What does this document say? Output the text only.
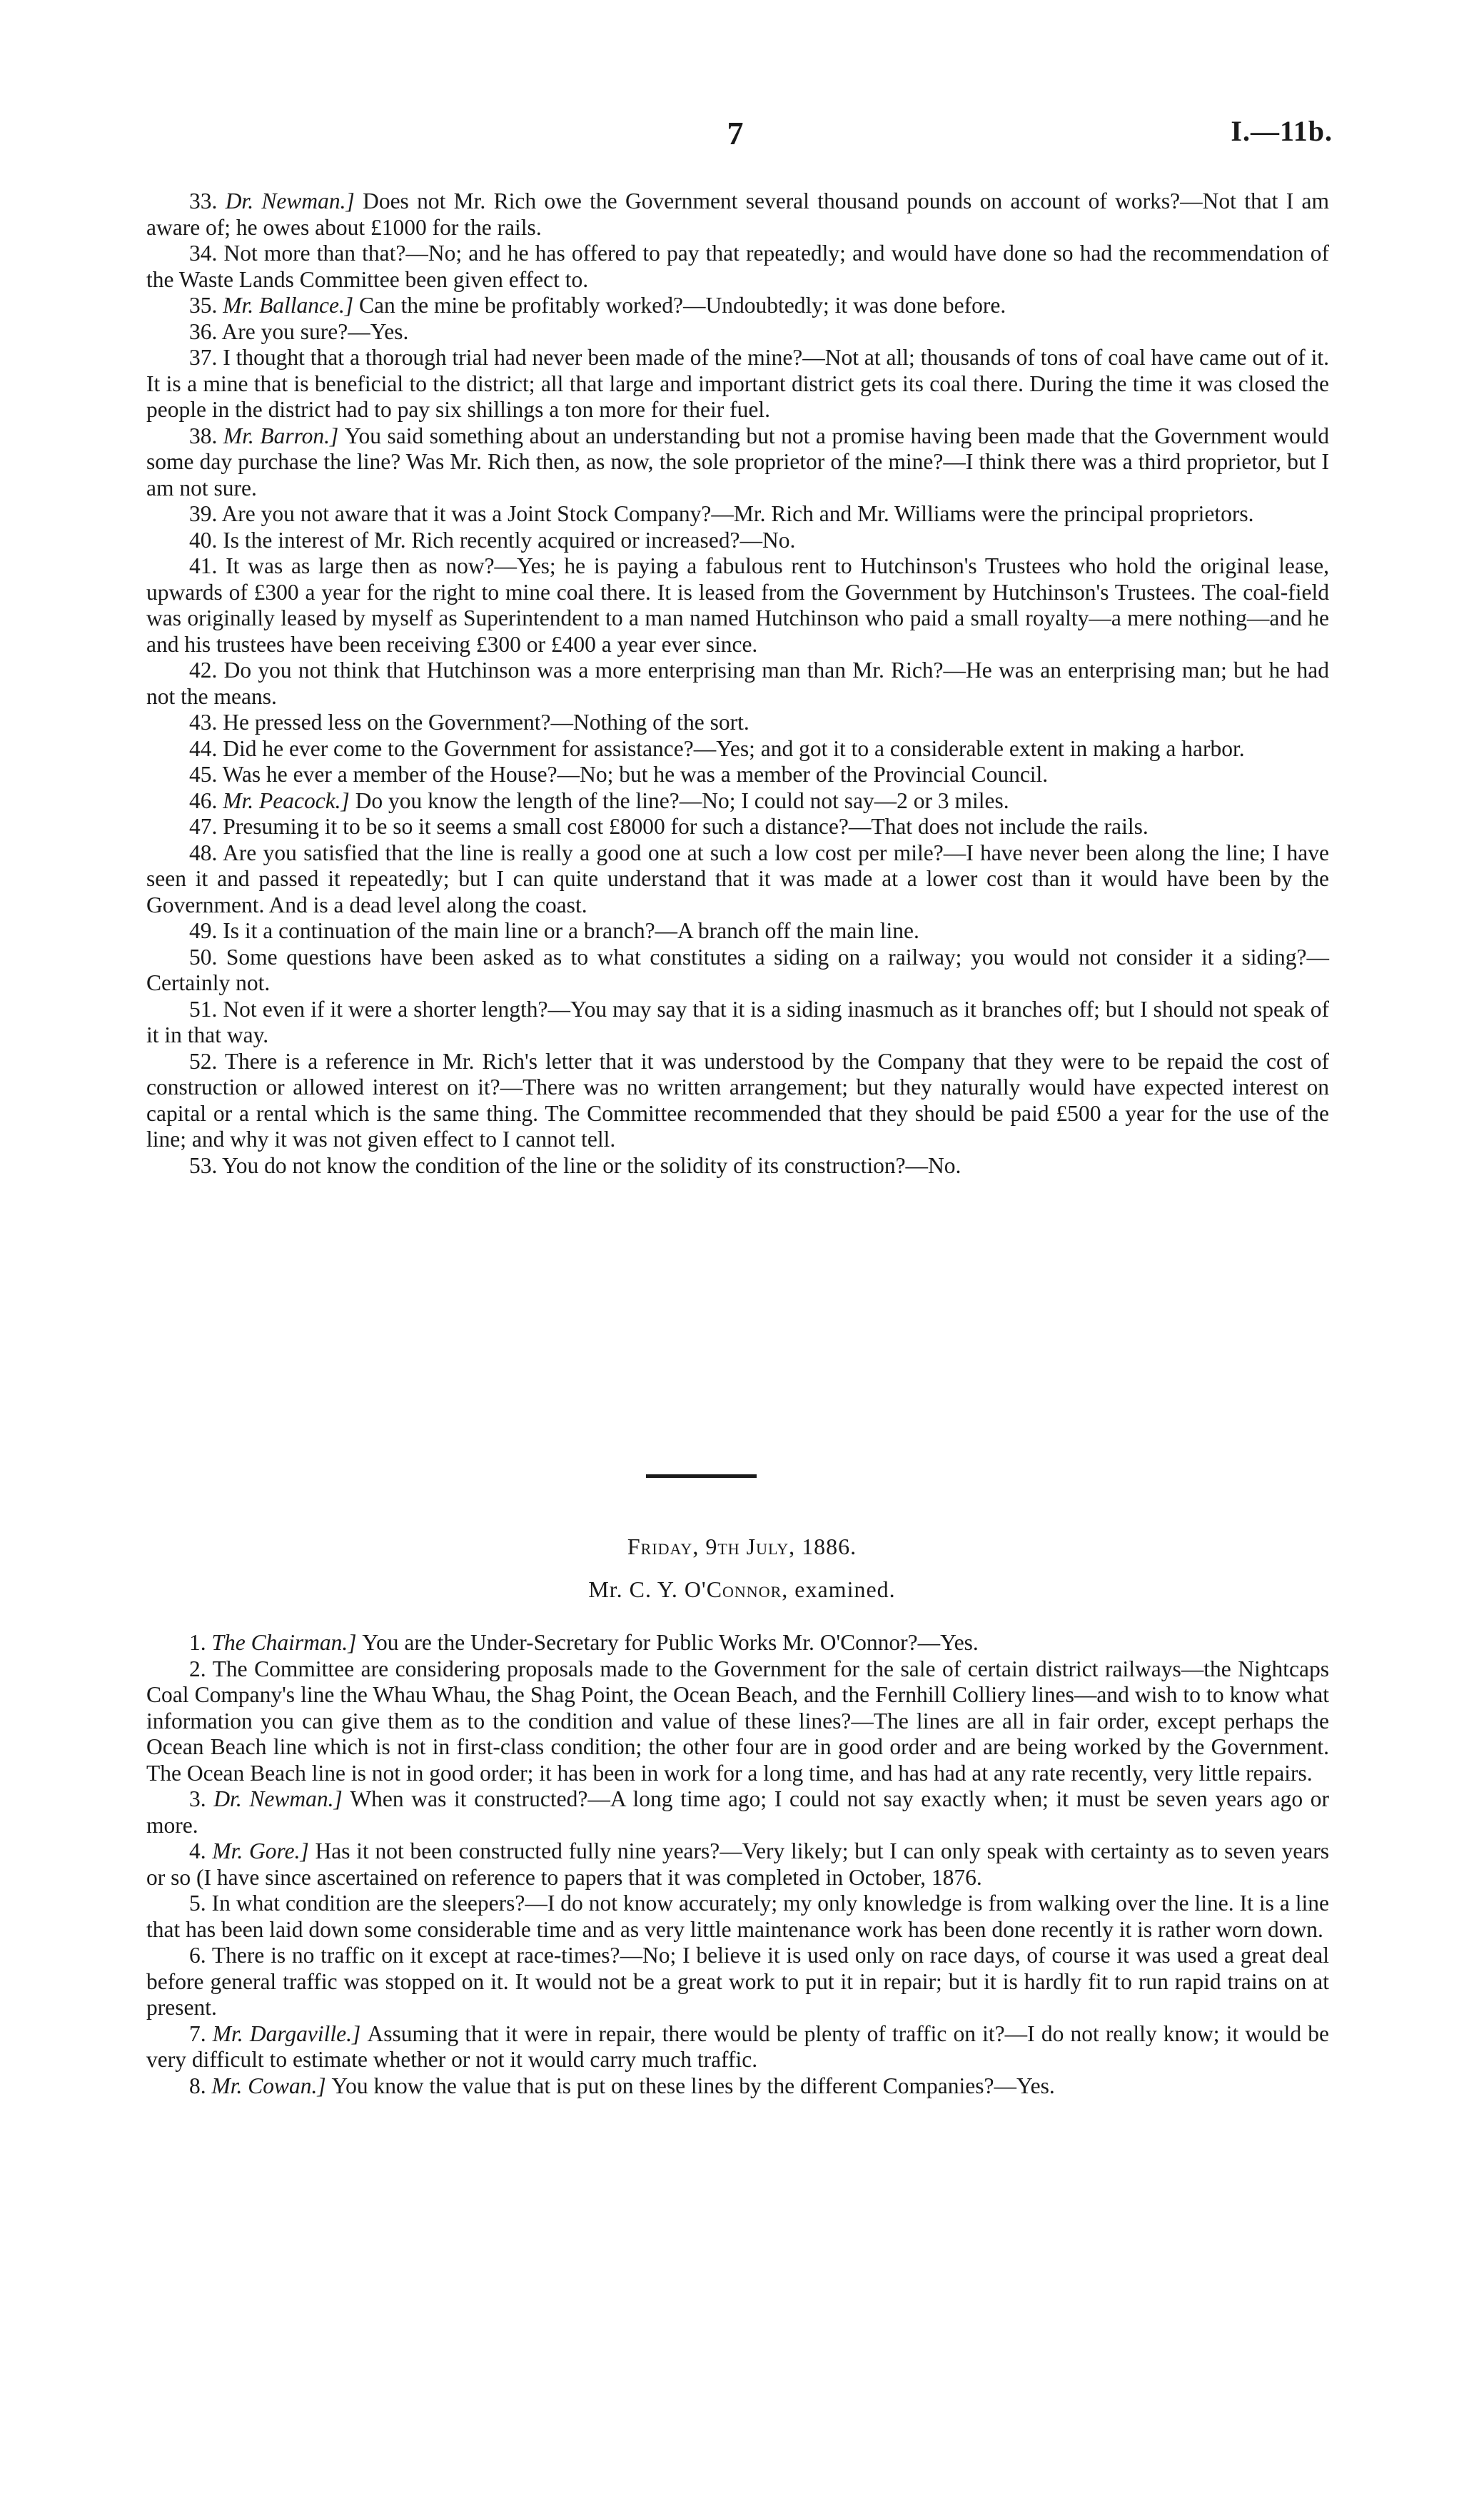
7	I.—11b.

33. Dr. Newman.] Does not Mr. Rich owe the Government several thousand pounds on account of works?—Not that I am aware of; he owes about £1000 for the rails.

34. Not more than that?—No; and he has offered to pay that repeatedly; and would have done so had the recommendation of the Waste Lands Committee been given effect to.

35. Mr. Ballance.] Can the mine be profitably worked?—Undoubtedly; it was done before.

36. Are you sure?—Yes.

37. I thought that a thorough trial had never been made of the mine?—Not at all; thousands of tons of coal have came out of it. It is a mine that is beneficial to the district; all that large and important district gets its coal there. During the time it was closed the people in the district had to pay six shillings a ton more for their fuel.

38. Mr. Barron.] You said something about an understanding but not a promise having been made that the Government would some day purchase the line? Was Mr. Rich then, as now, the sole proprietor of the mine?—I think there was a third proprietor, but I am not sure.

39. Are you not aware that it was a Joint Stock Company?—Mr. Rich and Mr. Williams were the principal proprietors.

40. Is the interest of Mr. Rich recently acquired or increased?—No.

41. It was as large then as now?—Yes; he is paying a fabulous rent to Hutchinson's Trustees who hold the original lease, upwards of £300 a year for the right to mine coal there. It is leased from the Government by Hutchinson's Trustees. The coal-field was originally leased by myself as Superintendent to a man named Hutchinson who paid a small royalty—a mere nothing—and he and his trustees have been receiving £300 or £400 a year ever since.

42. Do you not think that Hutchinson was a more enterprising man than Mr. Rich?—He was an enterprising man; but he had not the means.

43. He pressed less on the Government?—Nothing of the sort.

44. Did he ever come to the Government for assistance?—Yes; and got it to a considerable extent in making a harbor.

45. Was he ever a member of the House?—No; but he was a member of the Provincial Council.

46. Mr. Peacock.] Do you know the length of the line?—No; I could not say—2 or 3 miles.

47. Presuming it to be so it seems a small cost £8000 for such a distance?—That does not include the rails.

48. Are you satisfied that the line is really a good one at such a low cost per mile?—I have never been along the line; I have seen it and passed it repeatedly; but I can quite understand that it was made at a lower cost than it would have been by the Government. And is a dead level along the coast.

49. Is it a continuation of the main line or a branch?—A branch off the main line.

50. Some questions have been asked as to what constitutes a siding on a railway; you would not consider it a siding?—Certainly not.

51. Not even if it were a shorter length?—You may say that it is a siding inasmuch as it branches off; but I should not speak of it in that way.

52. There is a reference in Mr. Rich's letter that it was understood by the Company that they were to be repaid the cost of construction or allowed interest on it?—There was no written arrangement; but they naturally would have expected interest on capital or a rental which is the same thing. The Committee recommended that they should be paid £500 a year for the use of the line; and why it was not given effect to I cannot tell.

53. You do not know the condition of the line or the solidity of its construction?—No.

Friday, 9th July, 1886.
Mr. C. Y. O'Connor, examined.

1. The Chairman.] You are the Under-Secretary for Public Works Mr. O'Connor?—Yes.

2. The Committee are considering proposals made to the Government for the sale of certain district railways—the Nightcaps Coal Company's line the Whau Whau, the Shag Point, the Ocean Beach, and the Fernhill Colliery lines—and wish to to know what information you can give them as to the condition and value of these lines?—The lines are all in fair order, except perhaps the Ocean Beach line which is not in first-class condition; the other four are in good order and are being worked by the Government. The Ocean Beach line is not in good order; it has been in work for a long time, and has had at any rate recently, very little repairs.

3. Dr. Newman.] When was it constructed?—A long time ago; I could not say exactly when; it must be seven years ago or more.

4. Mr. Gore.] Has it not been constructed fully nine years?—Very likely; but I can only speak with certainty as to seven years or so (I have since ascertained on reference to papers that it was completed in October, 1876.

5. In what condition are the sleepers?—I do not know accurately; my only knowledge is from walking over the line. It is a line that has been laid down some considerable time and as very little maintenance work has been done recently it is rather worn down.

6. There is no traffic on it except at race-times?—No; I believe it is used only on race days, of course it was used a great deal before general traffic was stopped on it. It would not be a great work to put it in repair; but it is hardly fit to run rapid trains on at present.

7. Mr. Dargaville.] Assuming that it were in repair, there would be plenty of traffic on it?—I do not really know; it would be very difficult to estimate whether or not it would carry much traffic.

8. Mr. Cowan.] You know the value that is put on these lines by the different Companies?—Yes.
